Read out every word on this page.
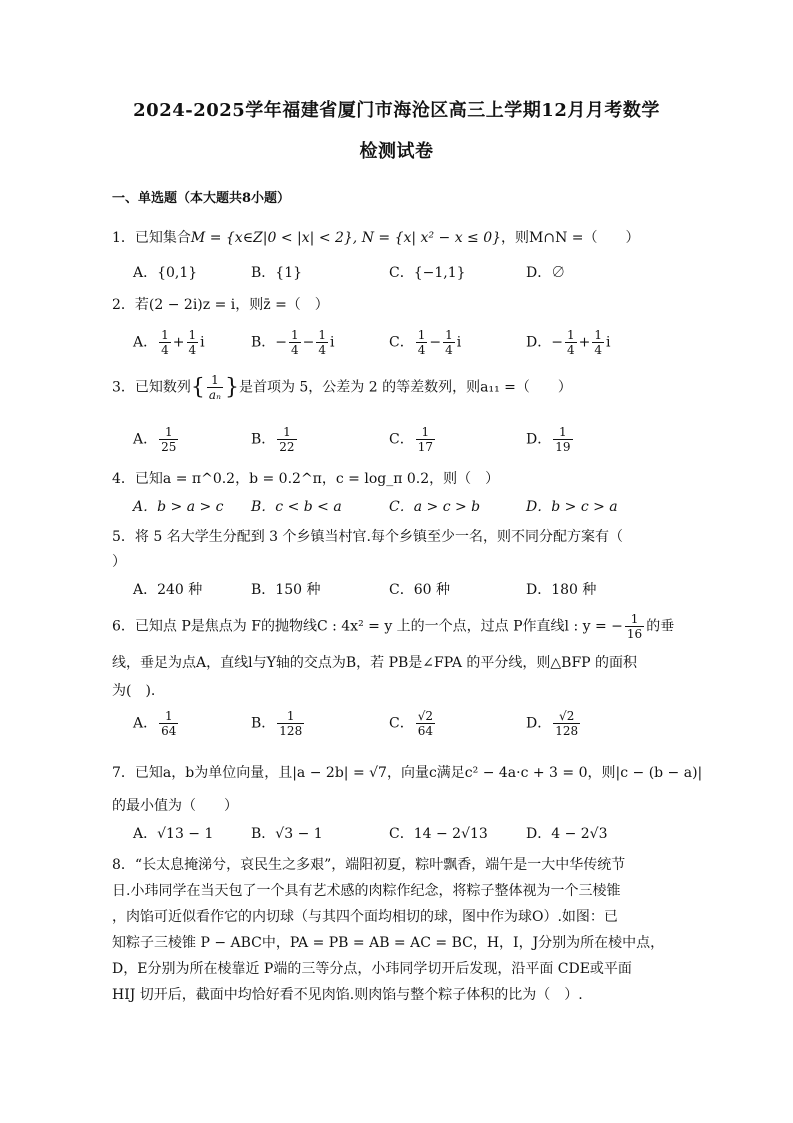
2024-2025学年福建省厦门市海沧区高三上学期12月月考数学
检测试卷
一、单选题（本大题共8小题）
1．已知集合M = {x∈Z|0 < |x| < 2}, N = {x| x² − x ≤ 0}，则M∩N =（　　）
A．{0,1}	B．{1}	C．{−1,1}	D．∅
2．若(2 − 2i)z = i，则z̄ =（　）
A． $\frac{1}{4} + \frac{1}{4}$ i	B．− $\frac{1}{4} - \frac{1}{4}$ i	C． $\frac{1}{4} - \frac{1}{4}$ i	D．− $\frac{1}{4} + \frac{1}{4}$ i
3．已知数列{ $\frac{1}{\text{aₙ}}$ }是首项为 5，公差为 2 的等差数列，则a₁₁ =（　　）
A． $\frac{1}{25}$	B． $\frac{1}{22}$	C． $\frac{1}{17}$	D． $\frac{1}{19}$
4．已知a = π^0.2，b = 0.2^π，c = log_π 0.2，则（　）
A．b > a > c B．c < b < a	C．a > c > b	D．b > c > a
5．将 5 名大学生分配到 3 个乡镇当村官.每个乡镇至少一名，则不同分配方案有（
）
A．240 种	B．150 种	C．60 种	D．180 种
6．已知点 P是焦点为 F的抛物线C : 4x² = y 上的一个点，过点 P作直线l : y = − $\frac{1}{16}$ 的垂
线，垂足为点A，直线l与Y轴的交点为B，若 PB是∠FPA 的平分线，则△BFP 的面积
为(　).
A． $\frac{1}{64}$	B． $\frac{1}{128}$	C． $\frac{√2}{64}$	D． $\frac{√2}{128}$
7．已知a，b为单位向量，且|a − 2b| = √7，向量c满足c² − 4a·c + 3 = 0，则|c − (b − a)|
的最小值为（　　）
A．√13 − 1	B．√3 − 1	C．14 − 2√13	D．4 − 2√3
8．“长太息掩涕兮，哀民生之多艰”，端阳初夏，粽叶飘香，端午是一大中华传统节
日.小玮同学在当天包了一个具有艺术感的肉粽作纪念，将粽子整体视为一个三棱锥
，肉馅可近似看作它的内切球（与其四个面均相切的球，图中作为球O）.如图：已
知粽子三棱锥 P − ABC中，PA = PB = AB = AC = BC，H，I，J分别为所在棱中点，
D，E分别为所在棱靠近 P端的三等分点，小玮同学切开后发现，沿平面 CDE或平面
HIJ 切开后，截面中均恰好看不见肉馅.则肉馅与整个粽子体积的比为（　）.
